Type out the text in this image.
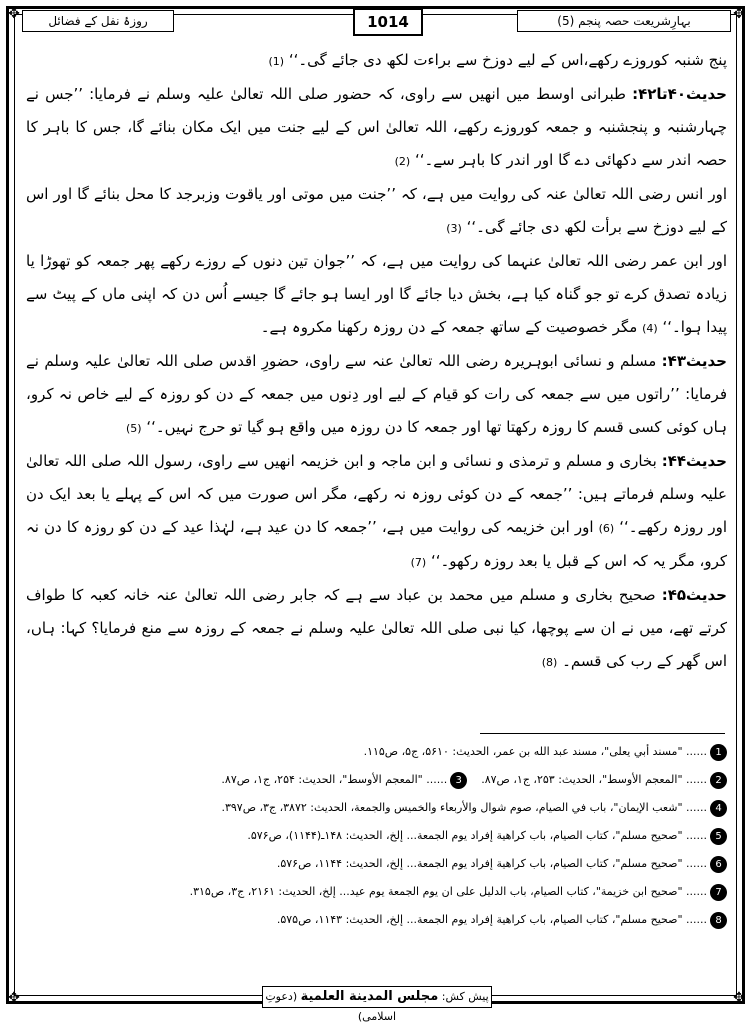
✥	✥
✥	✥
بہارِشریعت حصہ پنجم (5)
1014
روزۂ نفل کے فضائل

پنج شنبہ کوروزے رکھے،اس کے لیے دوزخ سے براءت لکھ دی جائے گی۔‘‘ (1)

حدیث۴۰تا۴۲: طبرانی اوسط میں انھیں سے راوی، کہ حضور صلی اللہ تعالیٰ علیہ وسلم نے فرمایا: ’’جس نے چہارشنبہ و پنجشنبہ و جمعہ کوروزے رکھے، اللہ تعالیٰ اس کے لیے جنت میں ایک مکان بنائے گا، جس کا باہر کا حصہ اندر سے دکھائی دے گا اور اندر کا باہر سے۔‘‘ (2)

اور انس رضی اللہ تعالیٰ عنہ کی روایت میں ہے، کہ ’’جنت میں موتی اور یاقوت وزبرجد کا محل بنائے گا اور اس کے لیے دوزخ سے برأت لکھ دی جائے گی۔‘‘ (3)

اور ابن عمر رضی اللہ تعالیٰ عنہما کی روایت میں ہے، کہ ’’جوان تین دنوں کے روزے رکھے پھر جمعہ کو تھوڑا یا زیادہ تصدق کرے تو جو گناہ کیا ہے، بخش دیا جائے گا اور ایسا ہو جائے گا جیسے اُس دن کہ اپنی ماں کے پیٹ سے پیدا ہوا۔‘‘ (4) مگر خصوصیت کے ساتھ جمعہ کے دن روزہ رکھنا مکروہ ہے۔

حدیث۴۳: مسلم و نسائی ابوہریرہ رضی اللہ تعالیٰ عنہ سے راوی، حضورِ اقدس صلی اللہ تعالیٰ علیہ وسلم نے فرمایا: ’’راتوں میں سے جمعہ کی رات کو قیام کے لیے اور دِنوں میں جمعہ کے دن کو روزہ کے لیے خاص نہ کرو، ہاں کوئی کسی قسم کا روزہ رکھتا تھا اور جمعہ کا دن روزہ میں واقع ہو گیا تو حرج نہیں۔‘‘ (5)

حدیث۴۴: بخاری و مسلم و ترمذی و نسائی و ابن ماجہ و ابن خزیمہ انھیں سے راوی، رسول اللہ صلی اللہ تعالیٰ علیہ وسلم فرماتے ہیں: ’’جمعہ کے دن کوئی روزہ نہ رکھے، مگر اس صورت میں کہ اس کے پہلے یا بعد ایک دن اور روزہ رکھے۔‘‘ (6) اور ابن خزیمہ کی روایت میں ہے، ’’جمعہ کا دن عید ہے، لہٰذا عید کے دن کو روزہ کا دن نہ کرو، مگر یہ کہ اس کے قبل یا بعد روزہ رکھو۔‘‘ (7)

حدیث۴۵: صحیح بخاری و مسلم میں محمد بن عباد سے ہے کہ جابر رضی اللہ تعالیٰ عنہ خانہ کعبہ کا طواف کرتے تھے، میں نے ان سے پوچھا، کیا نبی صلی اللہ تعالیٰ علیہ وسلم نے جمعہ کے روزہ سے منع فرمایا؟ کہا: ہاں، اس گھر کے رب کی قسم۔ (8)

1...... "مسند أبي يعلى"، مسند عبد الله بن عمر، الحديث: ۵۶۱۰، ج۵، ص۱۱۵.
2...... "المعجم الأوسط"، الحديث: ۲۵۳، ج۱، ص۸۷.    3...... "المعجم الأوسط"، الحديث: ۲۵۴، ج۱، ص۸۷.
4...... "شعب الإيمان"، باب في الصيام، صوم شوال والأربعاء والخميس والجمعة، الحديث: ۳۸۷۲، ج۳، ص۳۹۷.
5...... "صحيح مسلم"، كتاب الصيام، باب كراهية إفراد يوم الجمعة... إلخ، الحديث: ۱۴۸ـ(۱۱۴۴)، ص۵۷۶.
6...... "صحيح مسلم"، كتاب الصيام، باب كراهية إفراد يوم الجمعة... إلخ، الحديث: ۱۱۴۴، ص۵۷۶.
7...... "صحيح ابن خزيمة"، كتاب الصيام، باب الدليل على ان يوم الجمعة يوم عيد... إلخ، الحديث: ۲۱۶۱، ج۳، ص۳۱۵.
8...... "صحيح مسلم"، كتاب الصيام، باب كراهية إفراد يوم الجمعة... إلخ، الحديث: ۱۱۴۳، ص۵۷۵.
پیش کش: مجلس المدينة العلمية (دعوتِ اسلامی)
